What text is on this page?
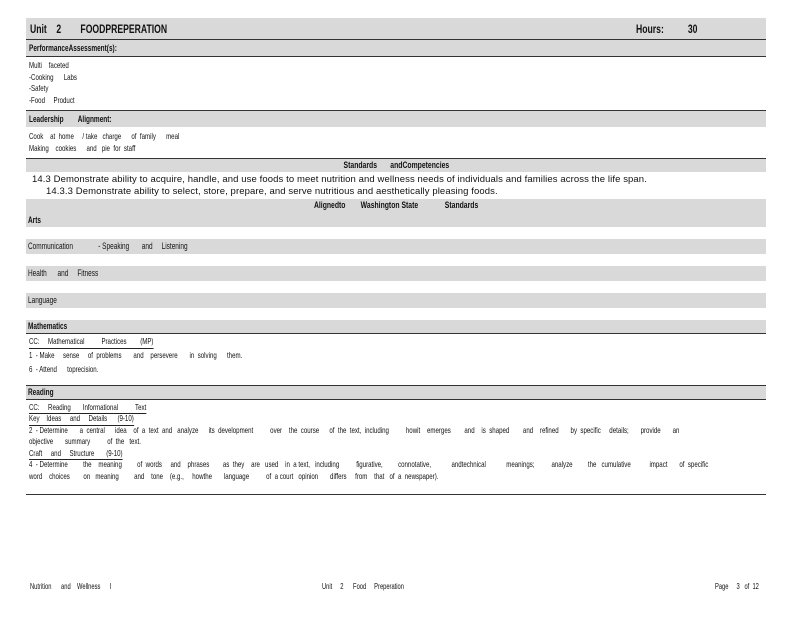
Unit 2 FOODPREPERATION	Hours: 30
PerformanceAssessment(s):
Multi    faceted
-Cooking      Labs
-Safety
-Food     Product
Leadership        Alignment:
Cook    at  home     / take   charge      of  family      meal
Making    cookies      and   pie  for  staff
Standards       andCompetencies
14.3 Demonstrate ability to acquire, handle, and use foods to meet nutrition and wellness needs of individuals and families across the life span.
14.3.3 Demonstrate ability to select, store, prepare, and serve nutritious and aesthetically pleasing foods.
Alignedto        Washington State              Standards
Arts
Communication              - Speaking       and     Listening
Health      and     Fitness
Language
Mathematics
CC:     Mathematical          Practices        (MP)
1  - Make     sense     of  problems       and    persevere       in  solving      them.
6  - Attend      toprecision.
Reading
CC:     Reading       Informational          Text
Key    Ideas     and     Details      (9-10)
2  - Determine       a  central      idea    of  a  text  and   analyze      its  development          over    the  course      of  the  text,  including          howit    emerges        and    is  shaped        and    refined       by  specific     details;       provide       an
objective       summary          of  the   text.
Craft     and     Structure       (9-10)
4  - Determine         the    meaning         of  words     and    phrases        as  they    are   used    in  a text,   including          figurative,         connotative,            andtechnical            meanings;          analyze         the   cumulative           impact       of  specific
word    choices        on   meaning         and    tone    (e.g.,     howthe       language          of  a court   opinion       differs     from    that   of  a  newspaper).
Nutrition      and    Wellness      I	Unit     2      Food     Preperation	Page     3   of  12
